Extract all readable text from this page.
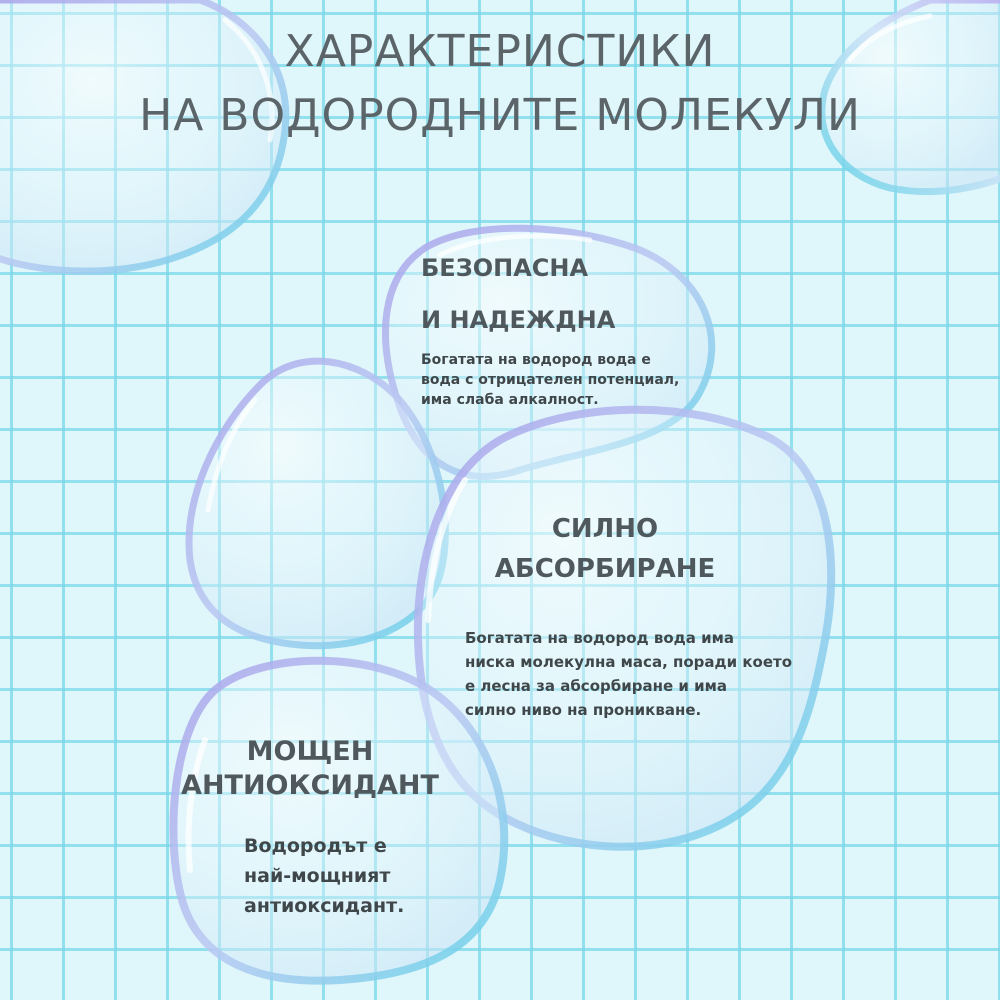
ХАРАКТЕРИСТИКИ
НА ВОДОРОДНИТЕ МОЛЕКУЛИ
БЕЗОПАСНА
И НАДЕЖДНА
Богатата на водород вода е
вода с отрицателен потенциал,
има слаба алкалност.
СИЛНО
АБСОРБИРАНЕ
Богатата на водород вода има
ниска молекулна маса, поради което
е лесна за абсорбиране и има
силно ниво на проникване.
МОЩЕН
АНТИОКСИДАНТ
Водородът е
най-мощният
антиоксидант.
